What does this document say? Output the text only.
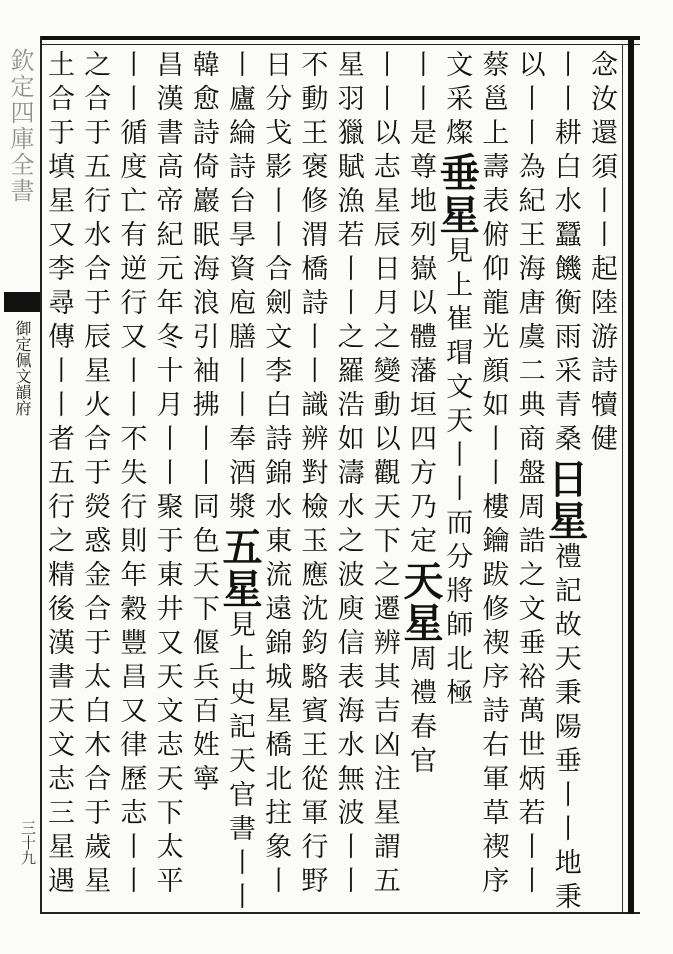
欽定四庫全書
御定佩文韻府
三十九
念汝還須丨丨起陸游詩犢健
丨丨耕白水蠶饑衡雨采青桑日星禮記故天秉陽垂丨丨地秉
以丨丨為紀王海唐虞二典商盤周誥之文垂裕萬世炳若丨丨
蔡邕上壽表俯仰龍光顔如丨丨樓鑰跋修禊序詩右軍草禊序
文采燦垂星見上崔瑁文天丨丨而分將師北極
丨丨是尊地列嶽以體藩垣四方乃定天星周禮春官
丨丨以志星辰日月之變動以觀天下之遷辨其吉凶注星謂五
星羽獵賦漁若丨丨之羅浩如濤水之波庾信表海水無波丨丨
不動王褒修渭橋詩丨丨識辨對檢玉應沈鈞駱賓王從軍行野
日分戈影丨丨合劍文李白詩錦水東流遠錦城星橋北拄象丨
丨廬綸詩台㫗資庖膳丨丨奉酒漿五星見上史記天官書丨丨
韓愈詩倚巖眠海浪引袖拂丨丨同色天下偃兵百姓寧
昌漢書高帝紀元年冬十月丨丨聚于東井又天文志天下太平
丨丨循度亡有逆行又丨丨不失行則年穀豐昌又律歷志丨丨
之合于五行水合于辰星火合于熒惑金合于太白木合于歲星
土合于填星又李尋傳丨丨者五行之精後漢書天文志三星遇
